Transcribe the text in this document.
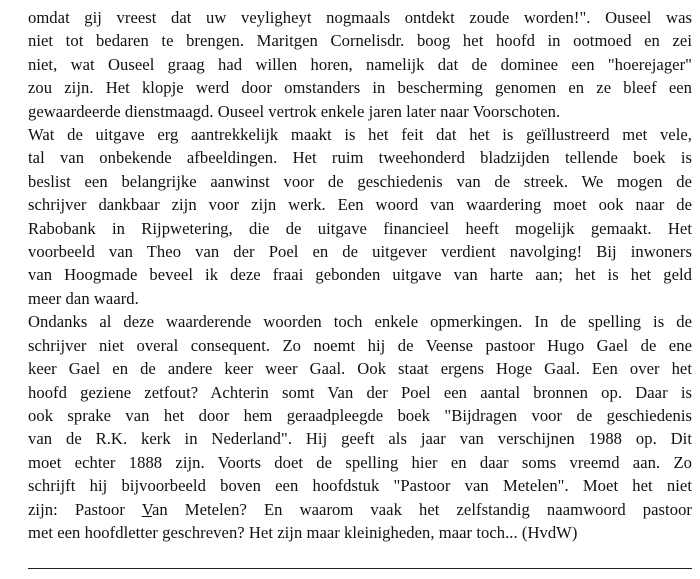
omdat gij vreest dat uw veyligheyt nogmaals ontdekt zoude worden!". Ouseel was
niet tot bedaren te brengen. Maritgen Cornelisdr. boog het hoofd in ootmoed en zei
niet, wat Ouseel graag had willen horen, namelijk dat de dominee een "hoerejager"
zou zijn. Het klopje werd door omstanders in bescherming genomen en ze bleef een
gewaardeerde dienstmaagd. Ouseel vertrok enkele jaren later naar Voorschoten.
Wat de uitgave erg aantrekkelijk maakt is het feit dat het is geïllustreerd met vele,
tal van onbekende afbeeldingen. Het ruim tweehonderd bladzijden tellende boek is
beslist een belangrijke aanwinst voor de geschiedenis van de streek. We mogen de
schrijver dankbaar zijn voor zijn werk. Een woord van waardering moet ook naar de
Rabobank in Rijpwetering, die de uitgave financieel heeft mogelijk gemaakt. Het
voorbeeld van Theo van der Poel en de uitgever verdient navolging! Bij inwoners
van Hoogmade beveel ik deze fraai gebonden uitgave van harte aan; het is het geld
meer dan waard.
Ondanks al deze waarderende woorden toch enkele opmerkingen. In de spelling is de
schrijver niet overal consequent. Zo noemt hij de Veense pastoor Hugo Gael de ene
keer Gael en de andere keer weer Gaal. Ook staat ergens Hoge Gaal. Een over het
hoofd geziene zetfout? Achterin somt Van der Poel een aantal bronnen op. Daar is
ook sprake van het door hem geraadpleegde boek "Bijdragen voor de geschiedenis
van de R.K. kerk in Nederland". Hij geeft als jaar van verschijnen 1988 op. Dit
moet echter 1888 zijn. Voorts doet de spelling hier en daar soms vreemd aan. Zo
schrijft hij bijvoorbeeld boven een hoofdstuk "Pastoor van Metelen". Moet het niet
zijn: Pastoor Van Metelen? En waarom vaak het zelfstandig naamwoord pastoor
met een hoofdletter geschreven? Het zijn maar kleinigheden, maar toch... (HvdW)
